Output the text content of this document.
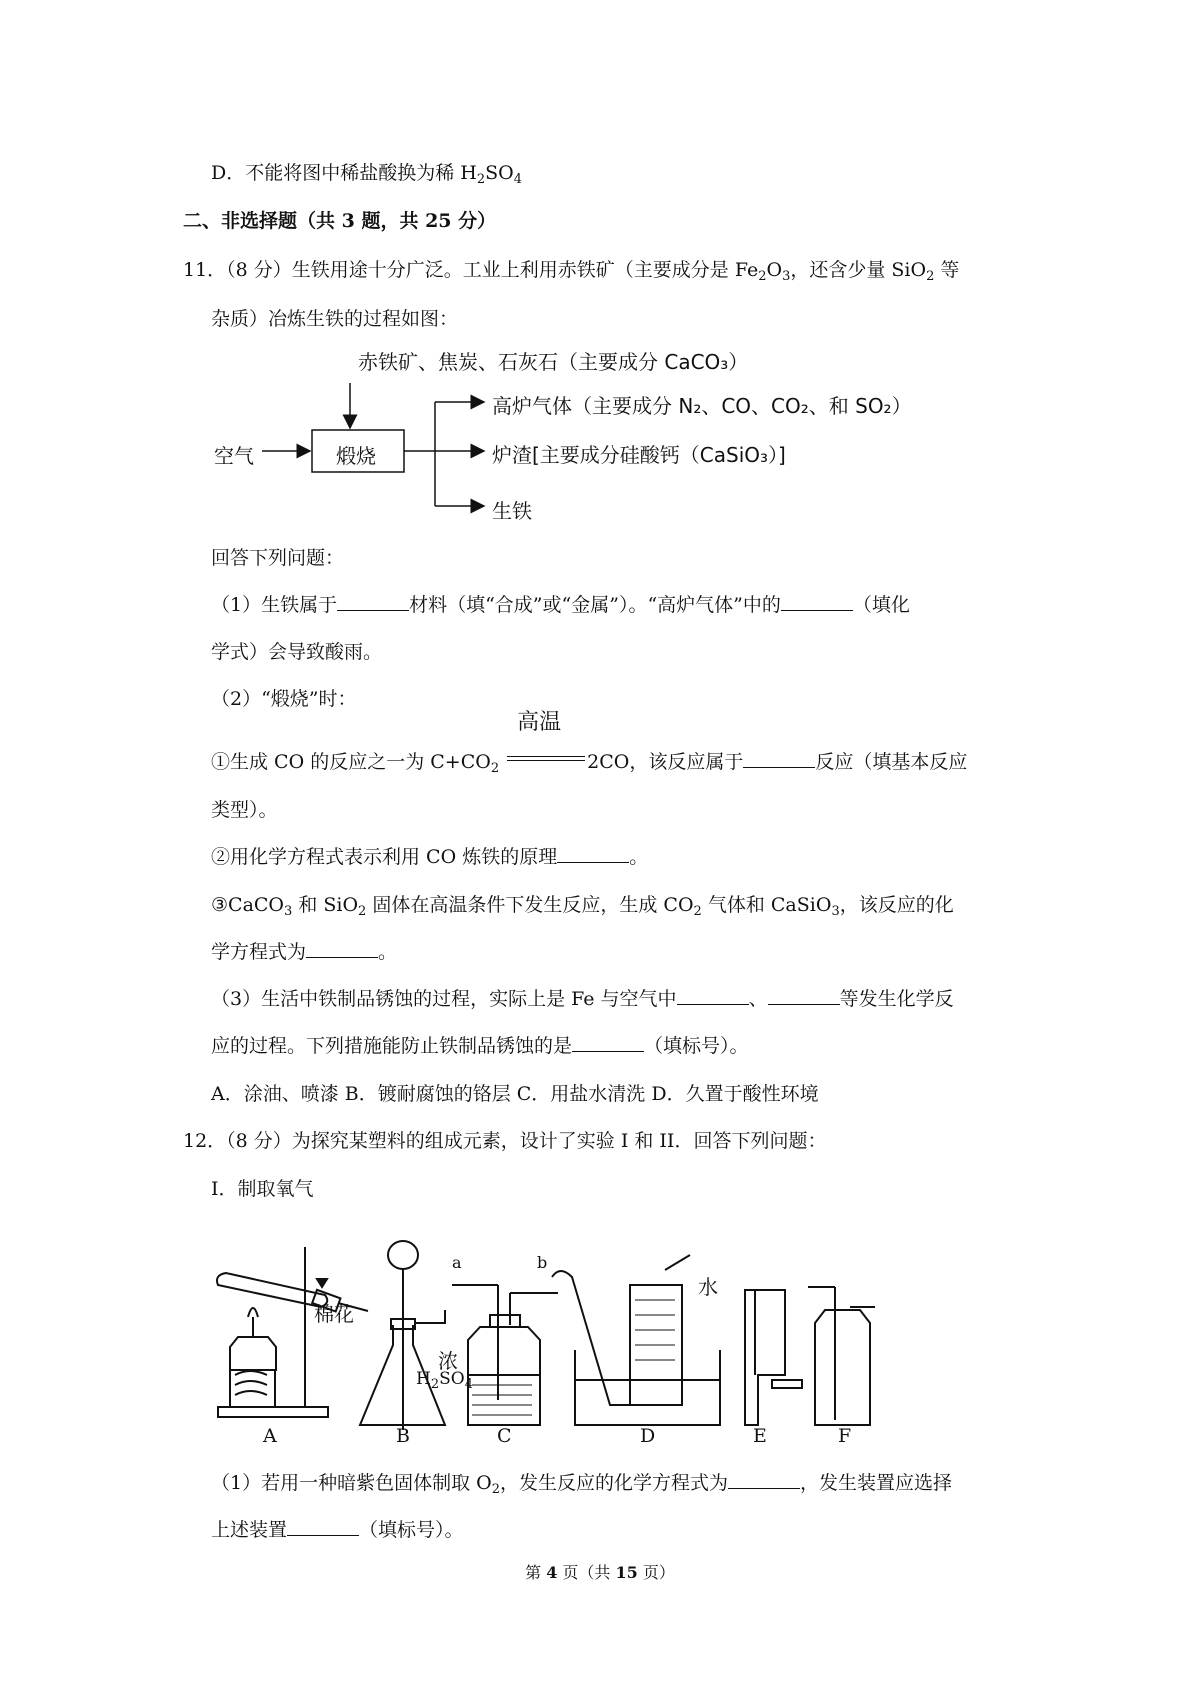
D．不能将图中稀盐酸换为稀 $H_2SO_4$
二、非选择题（共 3 题，共 25 分）
11．（8 分）生铁用途十分广泛。工业上利用赤铁矿（主要成分是 $Fe_2O_3$，还含少量 SiO$_2$ 等
杂质）冶炼生铁的过程如图：
赤铁矿、焦炭、石灰石（主要成分 CaCO₃）
空气	煅烧
高炉气体（主要成分 N₂、CO、CO₂、和 SO₂）
炉渣[主要成分硅酸钙（CaSiO₃）]
生铁
回答下列问题：
（1）生铁属于	材料（填“合成”或“金属”）。“高炉气体”中的	（填化
学式）会导致酸雨。
（2）“煅烧”时：
①生成 CO 的反应之一为 $C+CO_2$
高温
2CO，该反应属于	反应（填基本反应
类型）。
②用化学方程式表示利用 CO 炼铁的原理	。
③CaCO$_3$ 和 SiO$_2$ 固体在高温条件下发生反应，生成 $CO_2$ 气体和 CaSiO$_3$，该反应的化
学方程式为	。
（3）生活中铁制品锈蚀的过程，实际上是 Fe 与空气中	、	等发生化学反
应的过程。下列措施能防止铁制品锈蚀的是	（填标号）。
A．涂油、喷漆 B．镀耐腐蚀的铬层 C．用盐水清洗 D．久置于酸性环境
12．（8 分）为探究某塑料的组成元素，设计了实验 I 和 II．回答下列问题：
I．制取氧气
棉花
a	b
浓
$H_2SO_4$
水
A	B	C	D	E	F
（1）若用一种暗紫色固体制取 $O_2$，发生反应的化学方程式为	，发生装置应选择
上述装置	（填标号）。
第 4 页（共 15 页）
